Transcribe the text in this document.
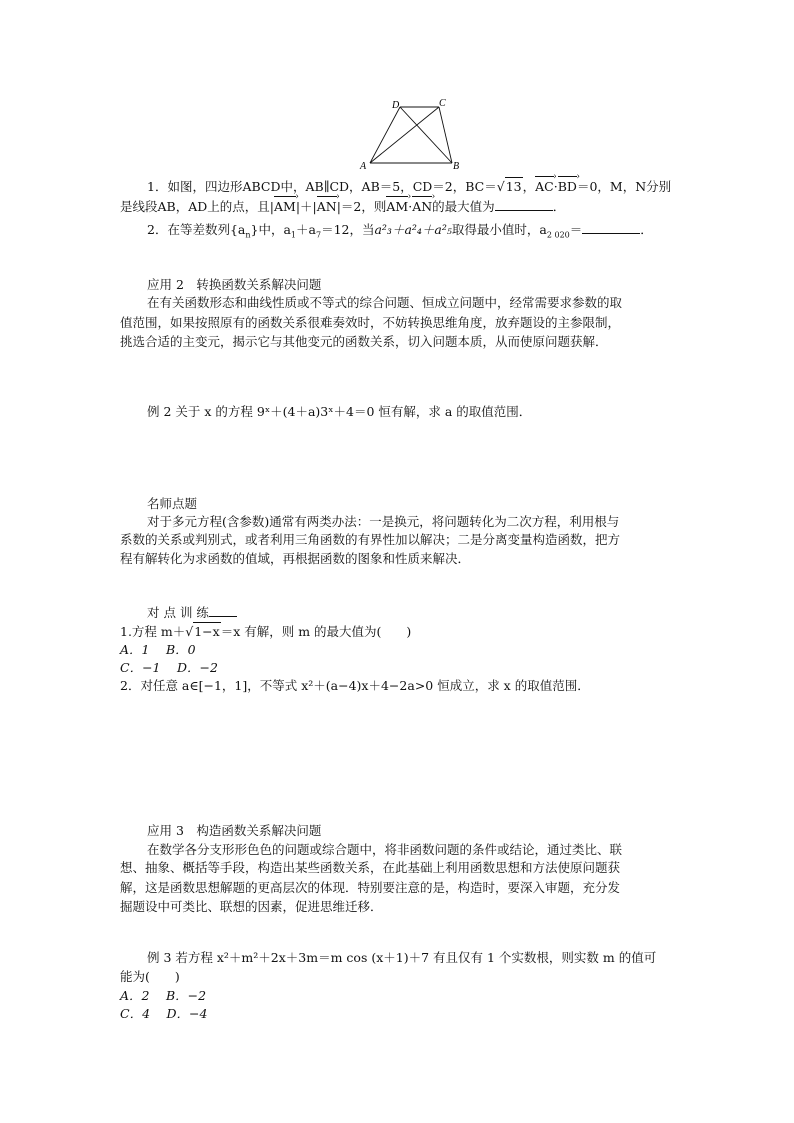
D	C
A	B
1．如图，四边形ABCD中，AB∥CD，AB＝5，CD＝2，BC＝√13，AC ›·BD ›＝0，M，N分别
是线段AB，AD上的点，且|AM ›|＋|AN ›|＝2，则AM ›·AN ›的最大值为	．
2．在等差数列$\{a_n\}$中，$a_1+a_7=12$，当a²₃＋a²₄＋a²₅取得最小值时，$a_{2 020}=$	．
应用 2　转换函数关系解决问题
在有关函数形态和曲线性质或不等式的综合问题、恒成立问题中，经常需要求参数的取
值范围，如果按照原有的函数关系很难奏效时，不妨转换思维角度，放弃题设的主参限制，
挑选合适的主变元，揭示它与其他变元的函数关系，切入问题本质，从而使原问题获解．
例 2 关于 x 的方程 9ˣ＋(4＋a)3ˣ＋4＝0 恒有解，求 a 的取值范围．
名师点题
对于多元方程(含参数)通常有两类办法：一是换元，将问题转化为二次方程，利用根与
系数的关系或判别式，或者利用三角函数的有界性加以解决；二是分离变量构造函数，把方
程有解转化为求函数的值域，再根据函数的图象和性质来解决．
对 点 训 练
1.方程 m＋√1−x＝x 有解，则 m 的最大值为(　　)
A．1　 B．0
C．−1　 D．−2
2．对任意 a∈[−1，1]，不等式 x²＋(a−4)x＋4−2a>0 恒成立，求 x 的取值范围．
应用 3　构造函数关系解决问题
在数学各分支形形色色的问题或综合题中，将非函数问题的条件或结论，通过类比、联
想、抽象、概括等手段，构造出某些函数关系，在此基础上利用函数思想和方法使原问题获
解，这是函数思想解题的更高层次的体现．特别要注意的是，构造时，要深入审题，充分发
掘题设中可类比、联想的因素，促进思维迁移．
例 3 若方程 x²＋m²＋2x＋3m＝m cos (x＋1)＋7 有且仅有 1 个实数根，则实数 m 的值可
能为(　　)
A．2　 B．−2
C．4　 D．−4
